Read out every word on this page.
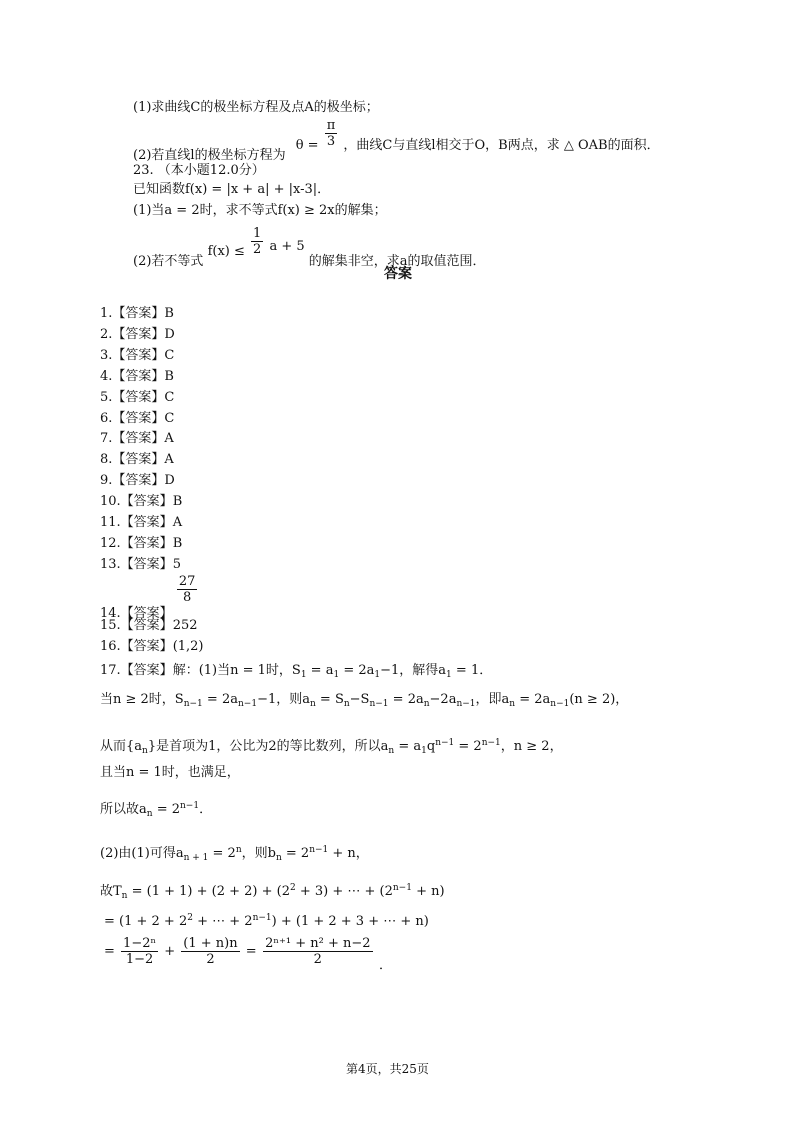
(1)求曲线C的极坐标方程及点A的极坐标；
(2)若直线l的极坐标方程为 $\theta = \frac{\pi}{3}$ ，曲线C与直线l相交于O，B两点，求 △ OAB的面积．
23. （本小题12.0分）
已知函数f(x) = |x + a| + |x-3|．
(1)当a = 2时，求不等式f(x) ≥ 2x的解集；
(2)若不等式 $f(x) \le \frac{1}{2}$ a + 5 的解集非空，求a的取值范围．
答案
1.【答案】B
2.【答案】D
3.【答案】C
4.【答案】B
5.【答案】C
6.【答案】C
7.【答案】A
8.【答案】A
9.【答案】D
10.【答案】B
11.【答案】A
12.【答案】B
13.【答案】5
14.【答案】
$\frac{27}{8}$
15.【答案】252
16.【答案】(1,2)
17.【答案】解：(1)当n = 1时，$S_1 = a_1 = 2a_1-1$，解得$a_1 = 1$．
当n ≥ 2时，$S_{n-1} = 2a_{n-1}-1$，则$a_n = S_n-S_{n-1} = 2a_n-2a_{n-1}$，即$a_n = 2a_{n-1}(n \ge 2)$，
从而$\{a_n\}$是首项为1，公比为2的等比数列，所以$a_n = a_1q^{n-1} = 2^{n-1}$，n ≥ 2，
且当n = 1时，也满足，
所以故$a_n = 2^{n-1}$．
(2)由(1)可得$a_{n + 1} = 2^n$，则$b_n = 2^{n-1} + n$，
故$T_n = (1 + 1) + (2 + 2) + (2^2 + 3)$ + ⋯ + $(2^{n-1} + n)$
= ($1 + 2 + 2^2$ + ⋯ + $2^{n-1}) + (1 + 2 + 3$ + ⋯ + n)
= $\frac{\text{1−2ⁿ}}{1-2} + \frac{(1 + n)n}{2} = \frac{\text{2ⁿ⁺¹ + n² + n−2}}{2}$ ．
第4页，共25页
